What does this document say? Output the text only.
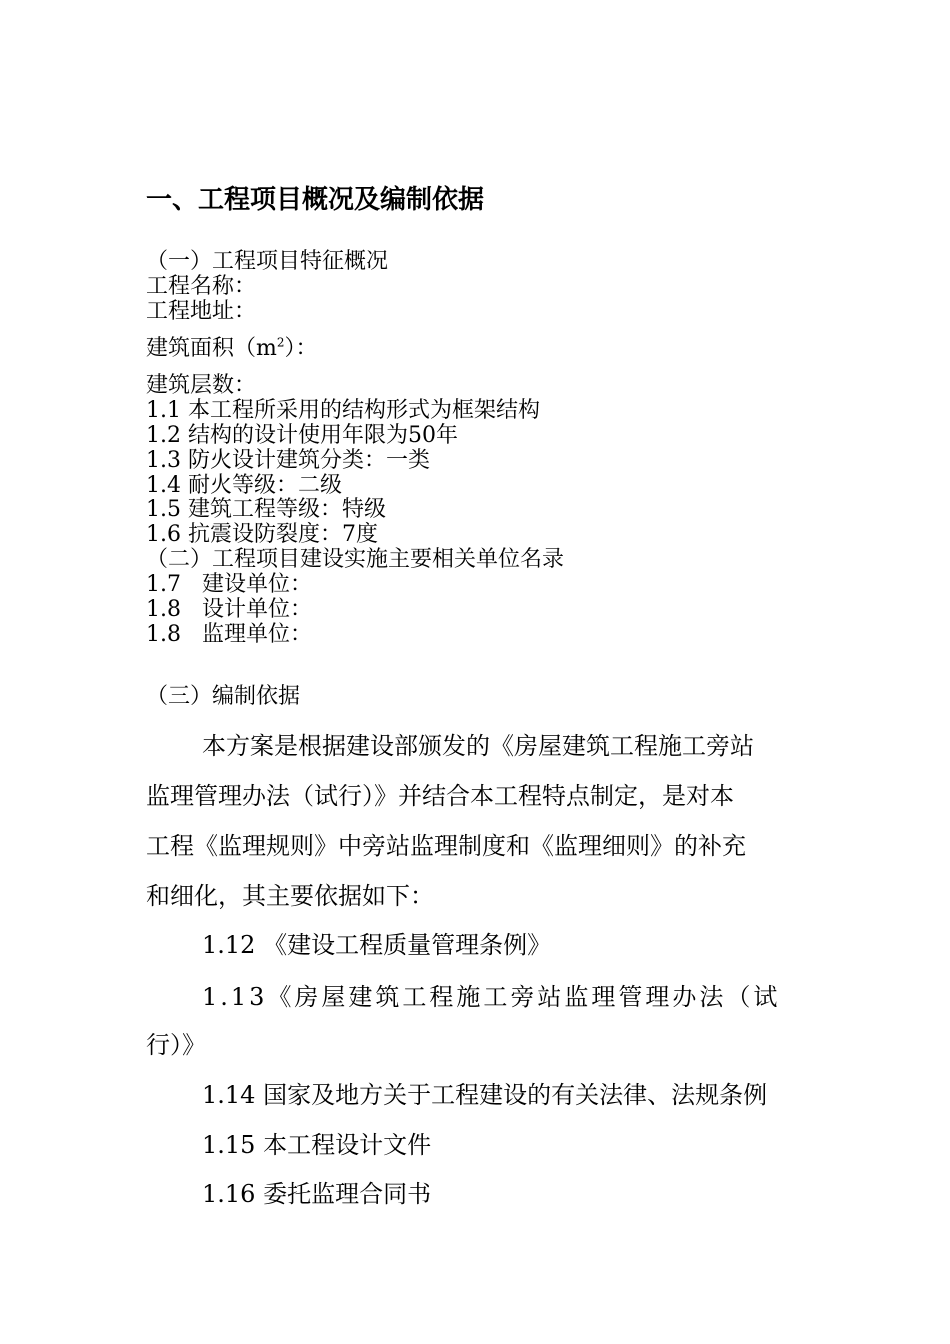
一、工程项目概况及编制依据
（一）工程项目特征概况
工程名称：
工程地址：
建筑面积$(m^2)$：
建筑层数：
1.1 本工程所采用的结构形式为框架结构
1.2 结构的设计使用年限为50年
1.3 防火设计建筑分类：一类
1.4 耐火等级：二级
1.5 建筑工程等级：特级
1.6 抗震设防裂度：7度
（二）工程项目建设实施主要相关单位名录
1.7   建设单位：
1.8   设计单位：
1.8   监理单位：
（三）编制依据
本方案是根据建设部颁发的《房屋建筑工程施工旁站
监理管理办法（试行）》并结合本工程特点制定，是对本
工程《监理规则》中旁站监理制度和《监理细则》的补充
和细化，其主要依据如下：
1.12 《建设工程质量管理条例》
1.13《房屋建筑工程施工旁站监理管理办法（试
行）》
1.14 国家及地方关于工程建设的有关法律、法规条例
1.15 本工程设计文件
1.16 委托监理合同书
